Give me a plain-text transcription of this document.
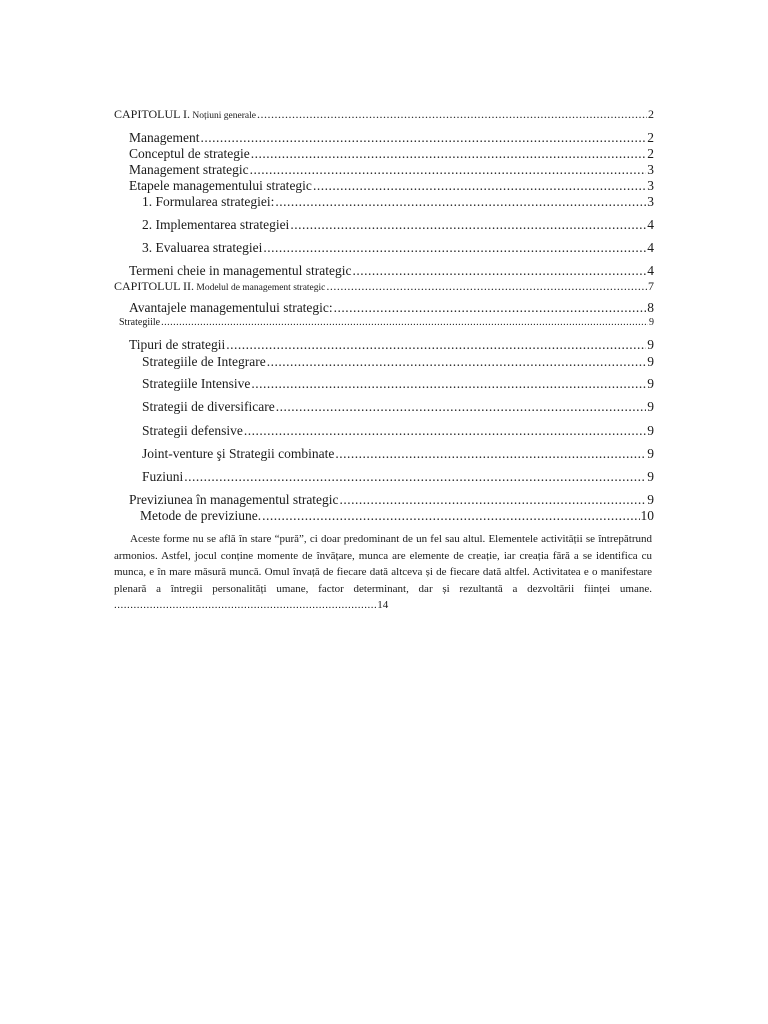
CAPITOLUL I. Noțiuni generale .....	2
Management .....	2
Conceptul de strategie .....	2
Management strategic .....	3
Etapele managementului strategic .....	3
1. Formularea strategiei: .....	3
2. Implementarea strategiei .....	4
3. Evaluarea strategiei .....	4
Termeni cheie in managementul strategic .....	4
CAPITOLUL II. Modelul de management strategic .....	7
Avantajele managementului strategic: .....	8
Strategiile .....	9
Tipuri de strategii .....	9
Strategiile de Integrare .....	9
Strategiile Intensive .....	9
Strategii de diversificare .....	9
Strategii defensive .....	9
Joint-venture şi Strategii combinate .....	9
Fuziuni .....	9
Previziunea în managementul strategic .....	9
Metode de previziune. .....	10
Aceste forme nu se află în stare “pură”, ci doar predominant de un fel sau altul. Elementele activității se întrepătrund armonios. Astfel, jocul conține momente de învățare, munca are elemente de creație, iar creația fără a se identifica cu munca, e în mare măsură muncă. Omul învață de fiecare dată altceva și de fiecare dată altfel. Activitatea e o manifestare plenară a întregii personalități umane, factor determinant, dar și rezultantă a dezvoltării ființei umane. .................................................................................14
